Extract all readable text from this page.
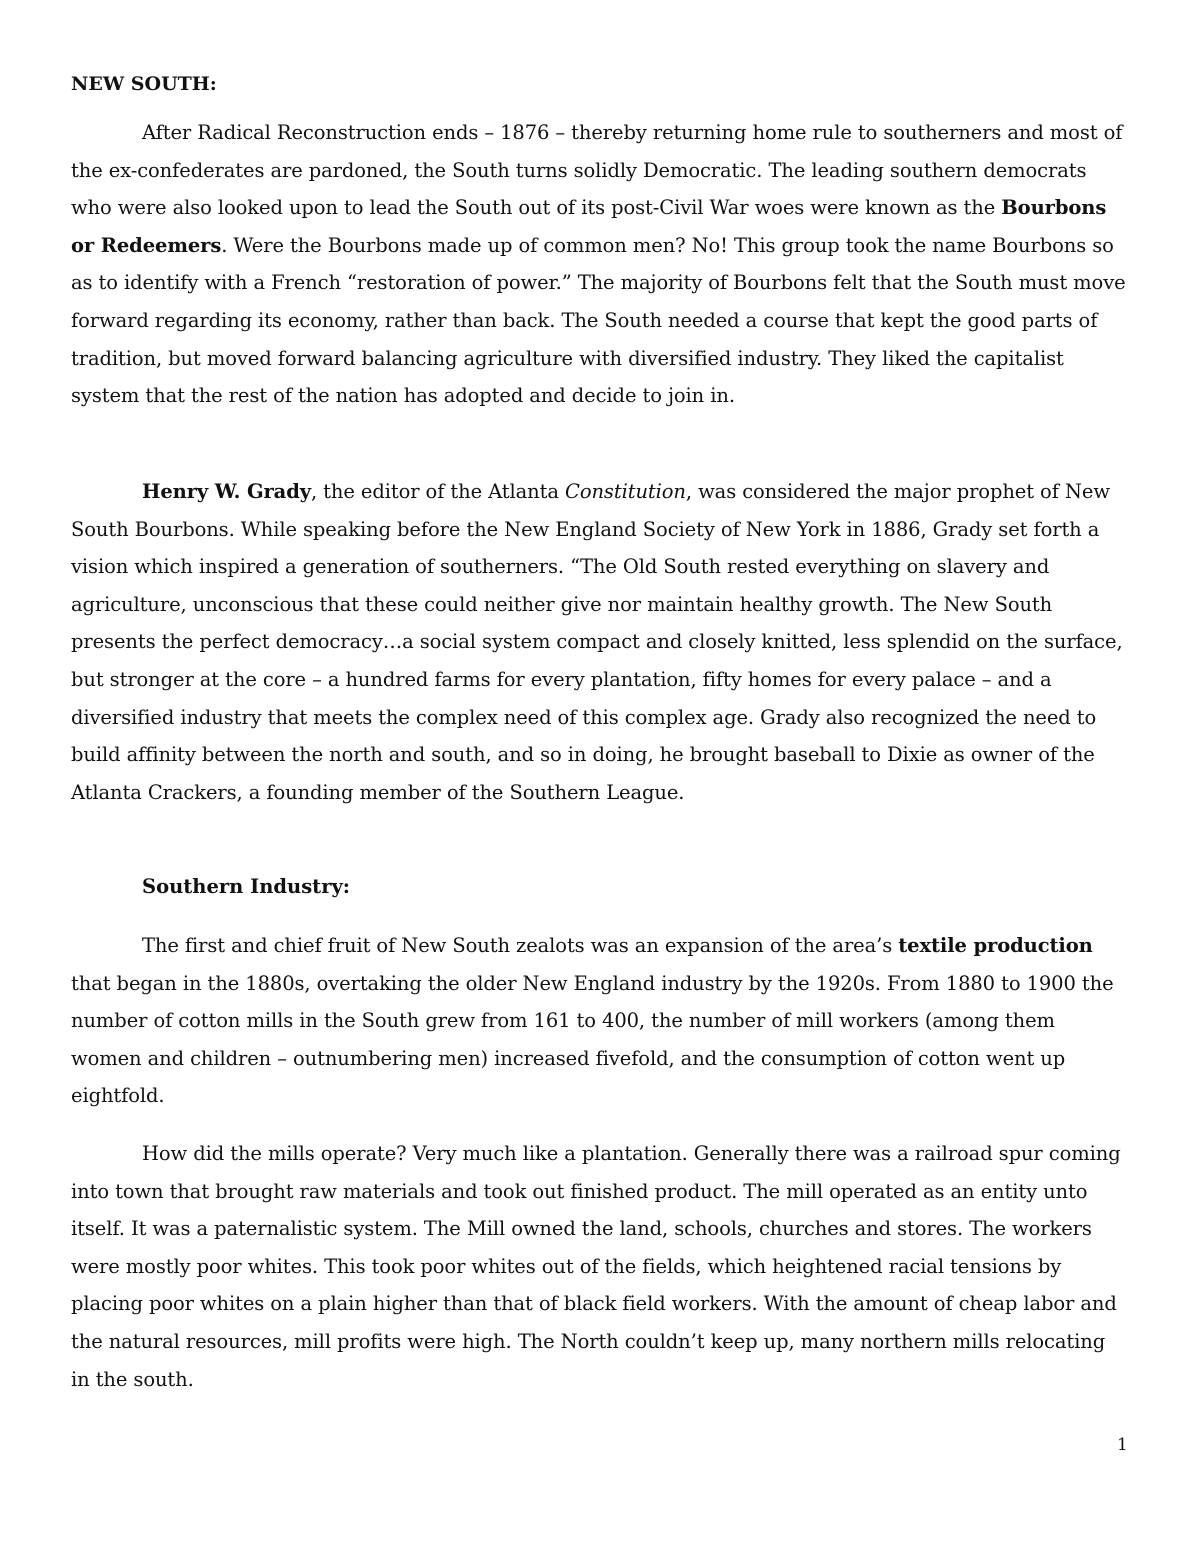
NEW SOUTH:

After Radical Reconstruction ends – 1876 – thereby returning home rule to southerners and most of the ex-confederates are pardoned, the South turns solidly Democratic. The leading southern democrats who were also looked upon to lead the South out of its post-Civil War woes were known as the Bourbons or Redeemers. Were the Bourbons made up of common men? No! This group took the name Bourbons so as to identify with a French “restoration of power.” The majority of Bourbons felt that the South must move forward regarding its economy, rather than back. The South needed a course that kept the good parts of tradition, but moved forward balancing agriculture with diversified industry. They liked the capitalist system that the rest of the nation has adopted and decide to join in.

Henry W. Grady, the editor of the Atlanta Constitution, was considered the major prophet of New South Bourbons. While speaking before the New England Society of New York in 1886, Grady set forth a vision which inspired a generation of southerners. “The Old South rested everything on slavery and agriculture, unconscious that these could neither give nor maintain healthy growth. The New South presents the perfect democracy…a social system compact and closely knitted, less splendid on the surface, but stronger at the core – a hundred farms for every plantation, fifty homes for every palace – and a diversified industry that meets the complex need of this complex age. Grady also recognized the need to build affinity between the north and south, and so in doing, he brought baseball to Dixie as owner of the Atlanta Crackers, a founding member of the Southern League.

Southern Industry:

The first and chief fruit of New South zealots was an expansion of the area’s textile production that began in the 1880s, overtaking the older New England industry by the 1920s. From 1880 to 1900 the number of cotton mills in the South grew from 161 to 400, the number of mill workers (among them women and children – outnumbering men) increased fivefold, and the consumption of cotton went up eightfold.

How did the mills operate? Very much like a plantation. Generally there was a railroad spur coming into town that brought raw materials and took out finished product. The mill operated as an entity unto itself. It was a paternalistic system. The Mill owned the land, schools, churches and stores. The workers were mostly poor whites. This took poor whites out of the fields, which heightened racial tensions by placing poor whites on a plain higher than that of black field workers. With the amount of cheap labor and the natural resources, mill profits were high. The North couldn’t keep up, many northern mills relocating in the south.

1
